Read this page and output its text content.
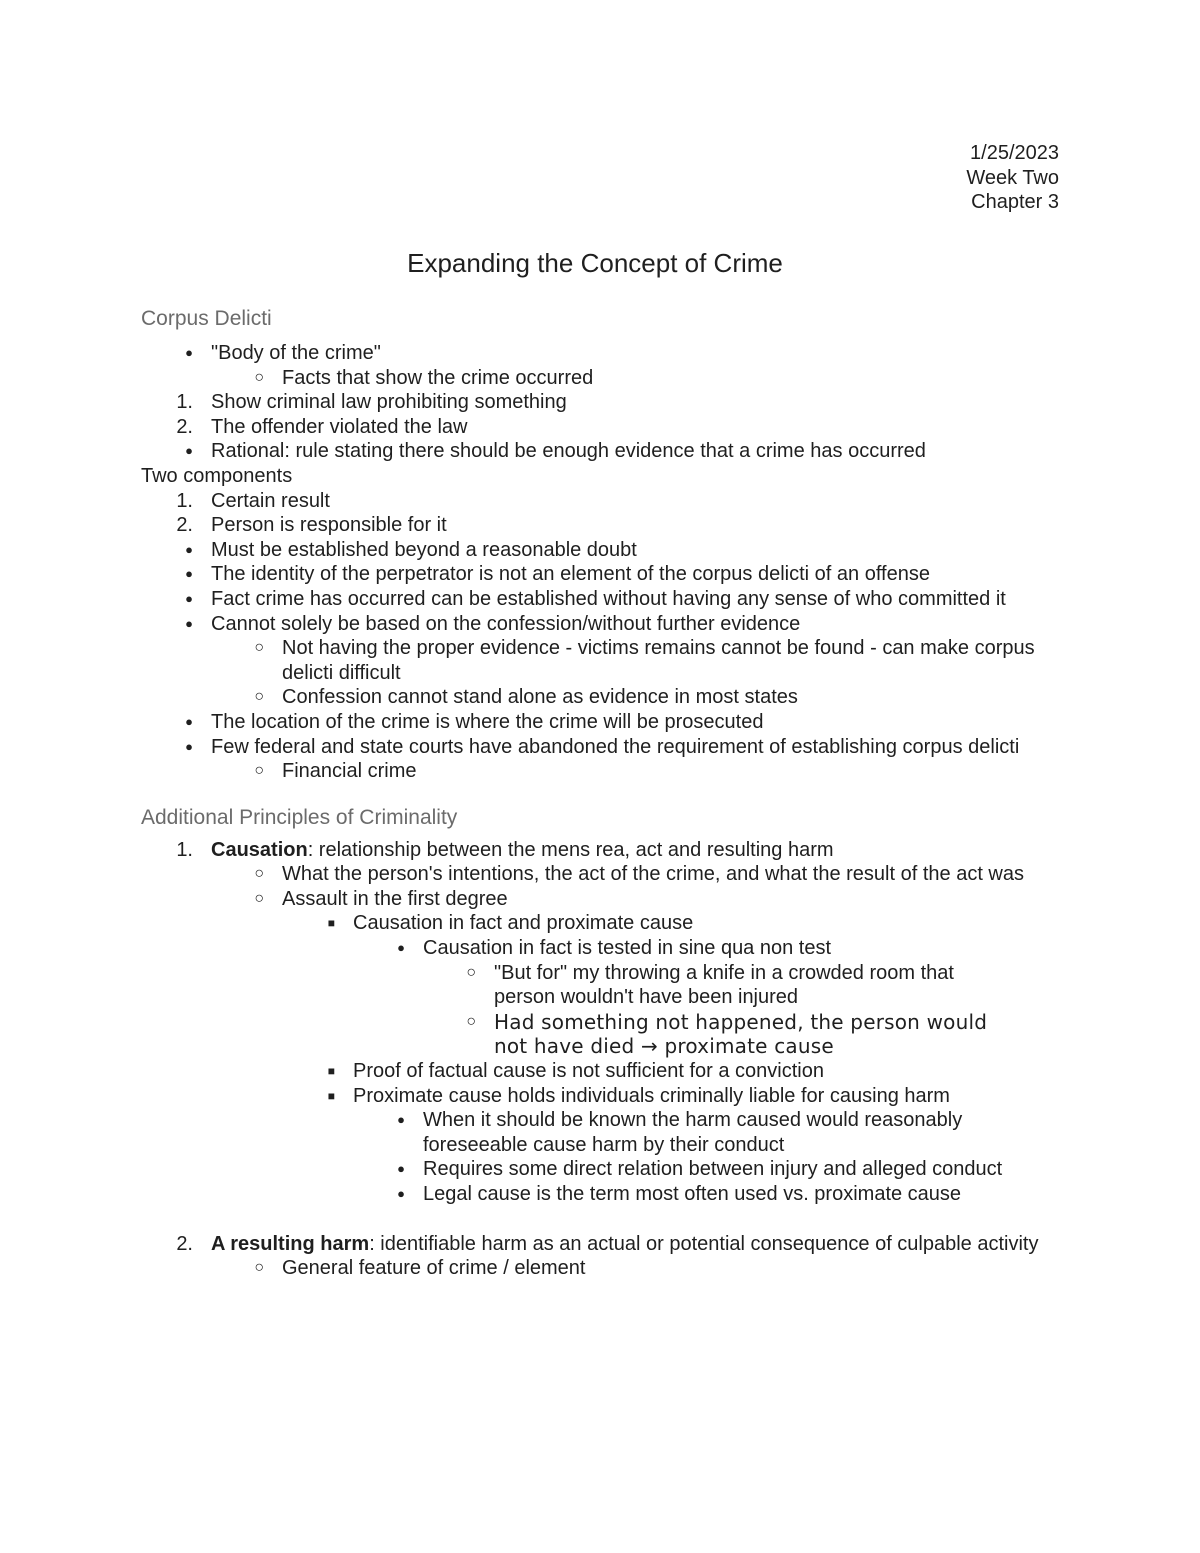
1/25/2023
Week Two
Chapter 3
Expanding the Concept of Crime
Corpus Delicti
● "Body of the crime"
○ Facts that show the crime occurred
1. Show criminal law prohibiting something
2. The offender violated the law
● Rational: rule stating there should be enough evidence that a crime has occurred
Two components
1. Certain result
2. Person is responsible for it
● Must be established beyond a reasonable doubt
● The identity of the perpetrator is not an element of the corpus delicti of an offense
● Fact crime has occurred can be established without having any sense of who committed it
● Cannot solely be based on the confession/without further evidence
○ Not having the proper evidence - victims remains cannot be found - can make corpus delicti difficult
○ Confession cannot stand alone as evidence in most states
● The location of the crime is where the crime will be prosecuted
● Few federal and state courts have abandoned the requirement of establishing corpus delicti
○ Financial crime
Additional Principles of Criminality
1. Causation: relationship between the mens rea, act and resulting harm
○ What the person's intentions, the act of the crime, and what the result of the act was
○ Assault in the first degree
■ Causation in fact and proximate cause
● Causation in fact is tested in sine qua non test
○ "But for" my throwing a knife in a crowded room that person wouldn't have been injured
○ Had something not happened, the person would not have died → proximate cause
■ Proof of factual cause is not sufficient for a conviction
■ Proximate cause holds individuals criminally liable for causing harm
● When it should be known the harm caused would reasonably foreseeable cause harm by their conduct
● Requires some direct relation between injury and alleged conduct
● Legal cause is the term most often used vs. proximate cause
2. A resulting harm: identifiable harm as an actual or potential consequence of culpable activity
○ General feature of crime / element
